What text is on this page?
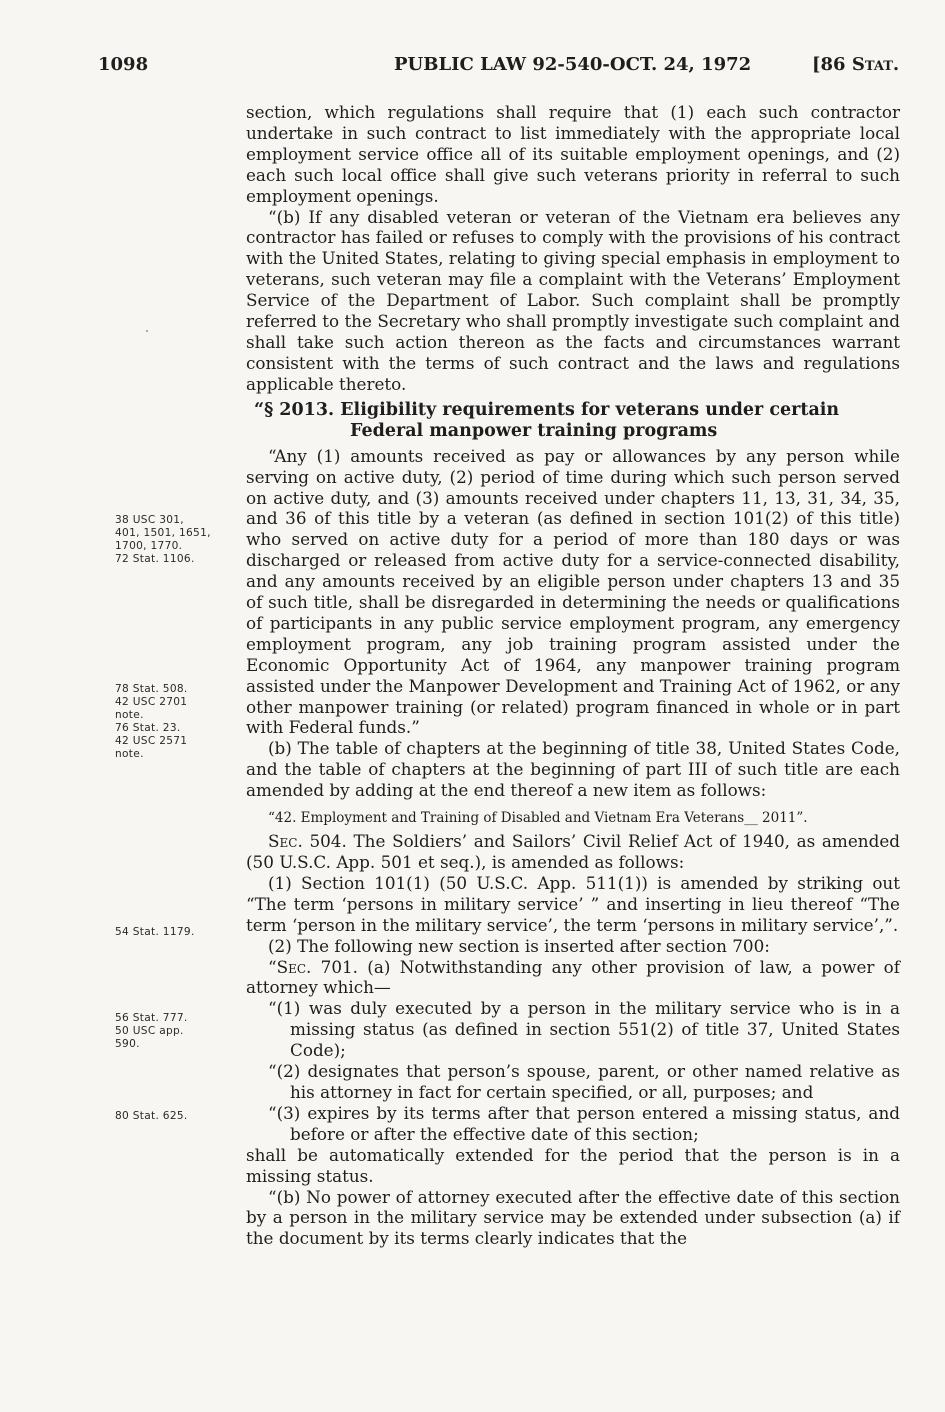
1098	PUBLIC LAW 92-540-OCT. 24, 1972	[86 Stat.
38 USC 301,
401, 1501, 1651,
1700, 1770.
72 Stat. 1106.
78 Stat. 508.
42 USC 2701
note.
76 Stat. 23.
42 USC 2571
note.
54 Stat. 1179.
56 Stat. 777.
50 USC app.
590.
80 Stat. 625.

section, which regulations shall require that (1) each such contractor undertake in such contract to list immediately with the appropriate local employment service office all of its suitable employment openings, and (2) each such local office shall give such veterans priority in referral to such employment openings.

“(b) If any disabled veteran or veteran of the Vietnam era believes any contractor has failed or refuses to comply with the provisions of his contract with the United States, relating to giving special emphasis in employment to veterans, such veteran may file a complaint with the Veterans’ Employment Service of the Department of Labor. Such complaint shall be promptly referred to the Secretary who shall promptly investigate such complaint and shall take such action thereon as the facts and circumstances warrant consistent with the terms of such contract and the laws and regulations applicable thereto.

“§ 2013. Eligibility requirements for veterans under certain Federal manpower training programs

“Any (1) amounts received as pay or allowances by any person while serving on active duty, (2) period of time during which such person served on active duty, and (3) amounts received under chapters 11, 13, 31, 34, 35, and 36 of this title by a veteran (as defined in section 101(2) of this title) who served on active duty for a period of more than 180 days or was discharged or released from active duty for a service-connected disability, and any amounts received by an eligible person under chapters 13 and 35 of such title, shall be disregarded in determining the needs or qualifications of participants in any public service employment program, any emergency employment program, any job training program assisted under the Economic Opportunity Act of 1964, any manpower training program assisted under the Manpower Development and Training Act of 1962, or any other manpower training (or related) program financed in whole or in part with Federal funds.”

(b) The table of chapters at the beginning of title 38, United States Code, and the table of chapters at the beginning of part III of such title are each amended by adding at the end thereof a new item as follows:

“42. Employment and Training of Disabled and Vietnam Era Veterans__ 2011”.

Sec. 504. The Soldiers’ and Sailors’ Civil Relief Act of 1940, as amended (50 U.S.C. App. 501 et seq.), is amended as follows:

(1) Section 101(1) (50 U.S.C. App. 511(1)) is amended by striking out “The term ‘persons in military service’ ” and inserting in lieu thereof “The term ‘person in the military service’, the term ‘persons in military service’,”.

(2) The following new section is inserted after section 700:

“Sec. 701. (a) Notwithstanding any other provision of law, a power of attorney which—

“(1) was duly executed by a person in the military service who is in a missing status (as defined in section 551(2) of title 37, United States Code);

“(2) designates that person’s spouse, parent, or other named relative as his attorney in fact for certain specified, or all, purposes; and

“(3) expires by its terms after that person entered a missing status, and before or after the effective date of this section;

shall be automatically extended for the period that the person is in a missing status.

“(b) No power of attorney executed after the effective date of this section by a person in the military service may be extended under subsection (a) if the document by its terms clearly indicates that the
